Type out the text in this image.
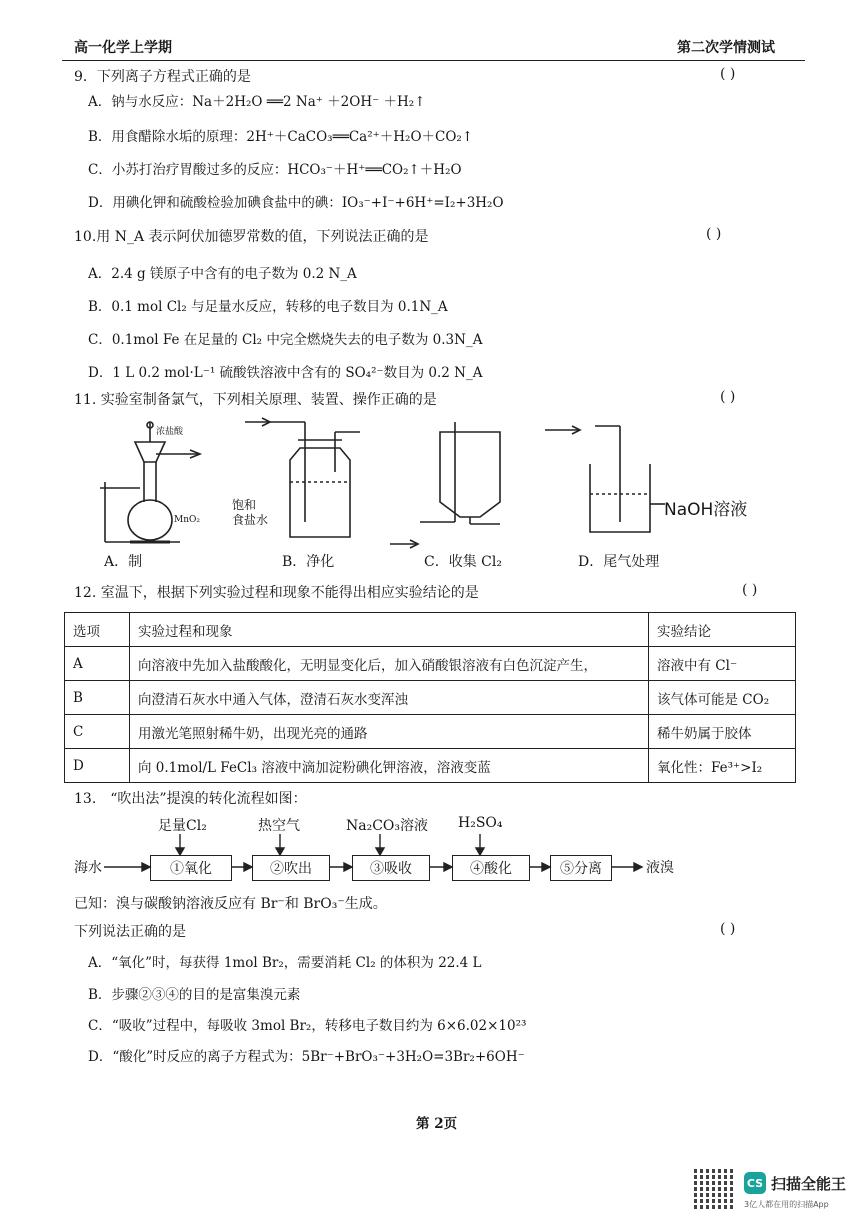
高一化学上学期	第二次学情测试
9．下列离子方程式正确的是	( )
A．钠与水反应：Na＋2H₂O ══2 Na⁺ ＋2OH⁻ ＋H₂↑
B．用食醋除水垢的原理：2H⁺＋CaCO₃══Ca²⁺＋H₂O＋CO₂↑
C．小苏打治疗胃酸过多的反应：HCO₃⁻＋H⁺══CO₂↑＋H₂O
D．用碘化钾和硫酸检验加碘食盐中的碘：IO₃⁻+I⁻+6H⁺=I₂+3H₂O
10.用 N_A 表示阿伏加德罗常数的值，下列说法正确的是	( )
A．2.4 g 镁原子中含有的电子数为 0.2 N_A
B．0.1 mol Cl₂ 与足量水反应，转移的电子数目为 0.1N_A
C．0.1mol Fe 在足量的 Cl₂ 中完全燃烧失去的电子数为 0.3N_A
D．1 L 0.2 mol·L⁻¹ 硫酸铁溶液中含有的 SO₄²⁻数目为 0.2 N_A
11. 实验室制备氯气，下列相关原理、装置、操作正确的是	( )
浓盐酸
MnO₂
饱和
食盐水	NaOH溶液
A．制	B．净化	C．收集 Cl₂	D．尾气处理
12. 室温下，根据下列实验过程和现象不能得出相应实验结论的是	( )
选项	实验过程和现象	实验结论
A	向溶液中先加入盐酸酸化，无明显变化后，加入硝酸银溶液有白色沉淀产生，	溶液中有 Cl⁻
B	向澄清石灰水中通入气体，澄清石灰水变浑浊	该气体可能是 CO₂
C	用激光笔照射稀牛奶，出现光亮的通路	稀牛奶属于胶体
D	向 0.1mol/L FeCl₃ 溶液中滴加淀粉碘化钾溶液，溶液变蓝	氧化性：Fe³⁺>I₂
13.　“吹出法”提溴的转化流程如图：
足量Cl₂	热空气	Na₂CO₃溶液 H₂SO₄
海水	①氧化	②吹出	③吸收	④酸化	⑤分离	液溴
已知：溴与碳酸钠溶液反应有 Br⁻和 BrO₃⁻生成。
下列说法正确的是	( )
A．“氧化”时，每获得 1mol Br₂，需要消耗 Cl₂ 的体积为 22.4 L
B．步骤②③④的目的是富集溴元素
C．“吸收”过程中，每吸收 3mol Br₂，转移电子数目约为 6×6.02×10²³
D．“酸化”时反应的离子方程式为：5Br⁻+BrO₃⁻+3H₂O=3Br₂+6OH⁻
第 2页
CS 扫描全能王
3亿人都在用的扫描App
